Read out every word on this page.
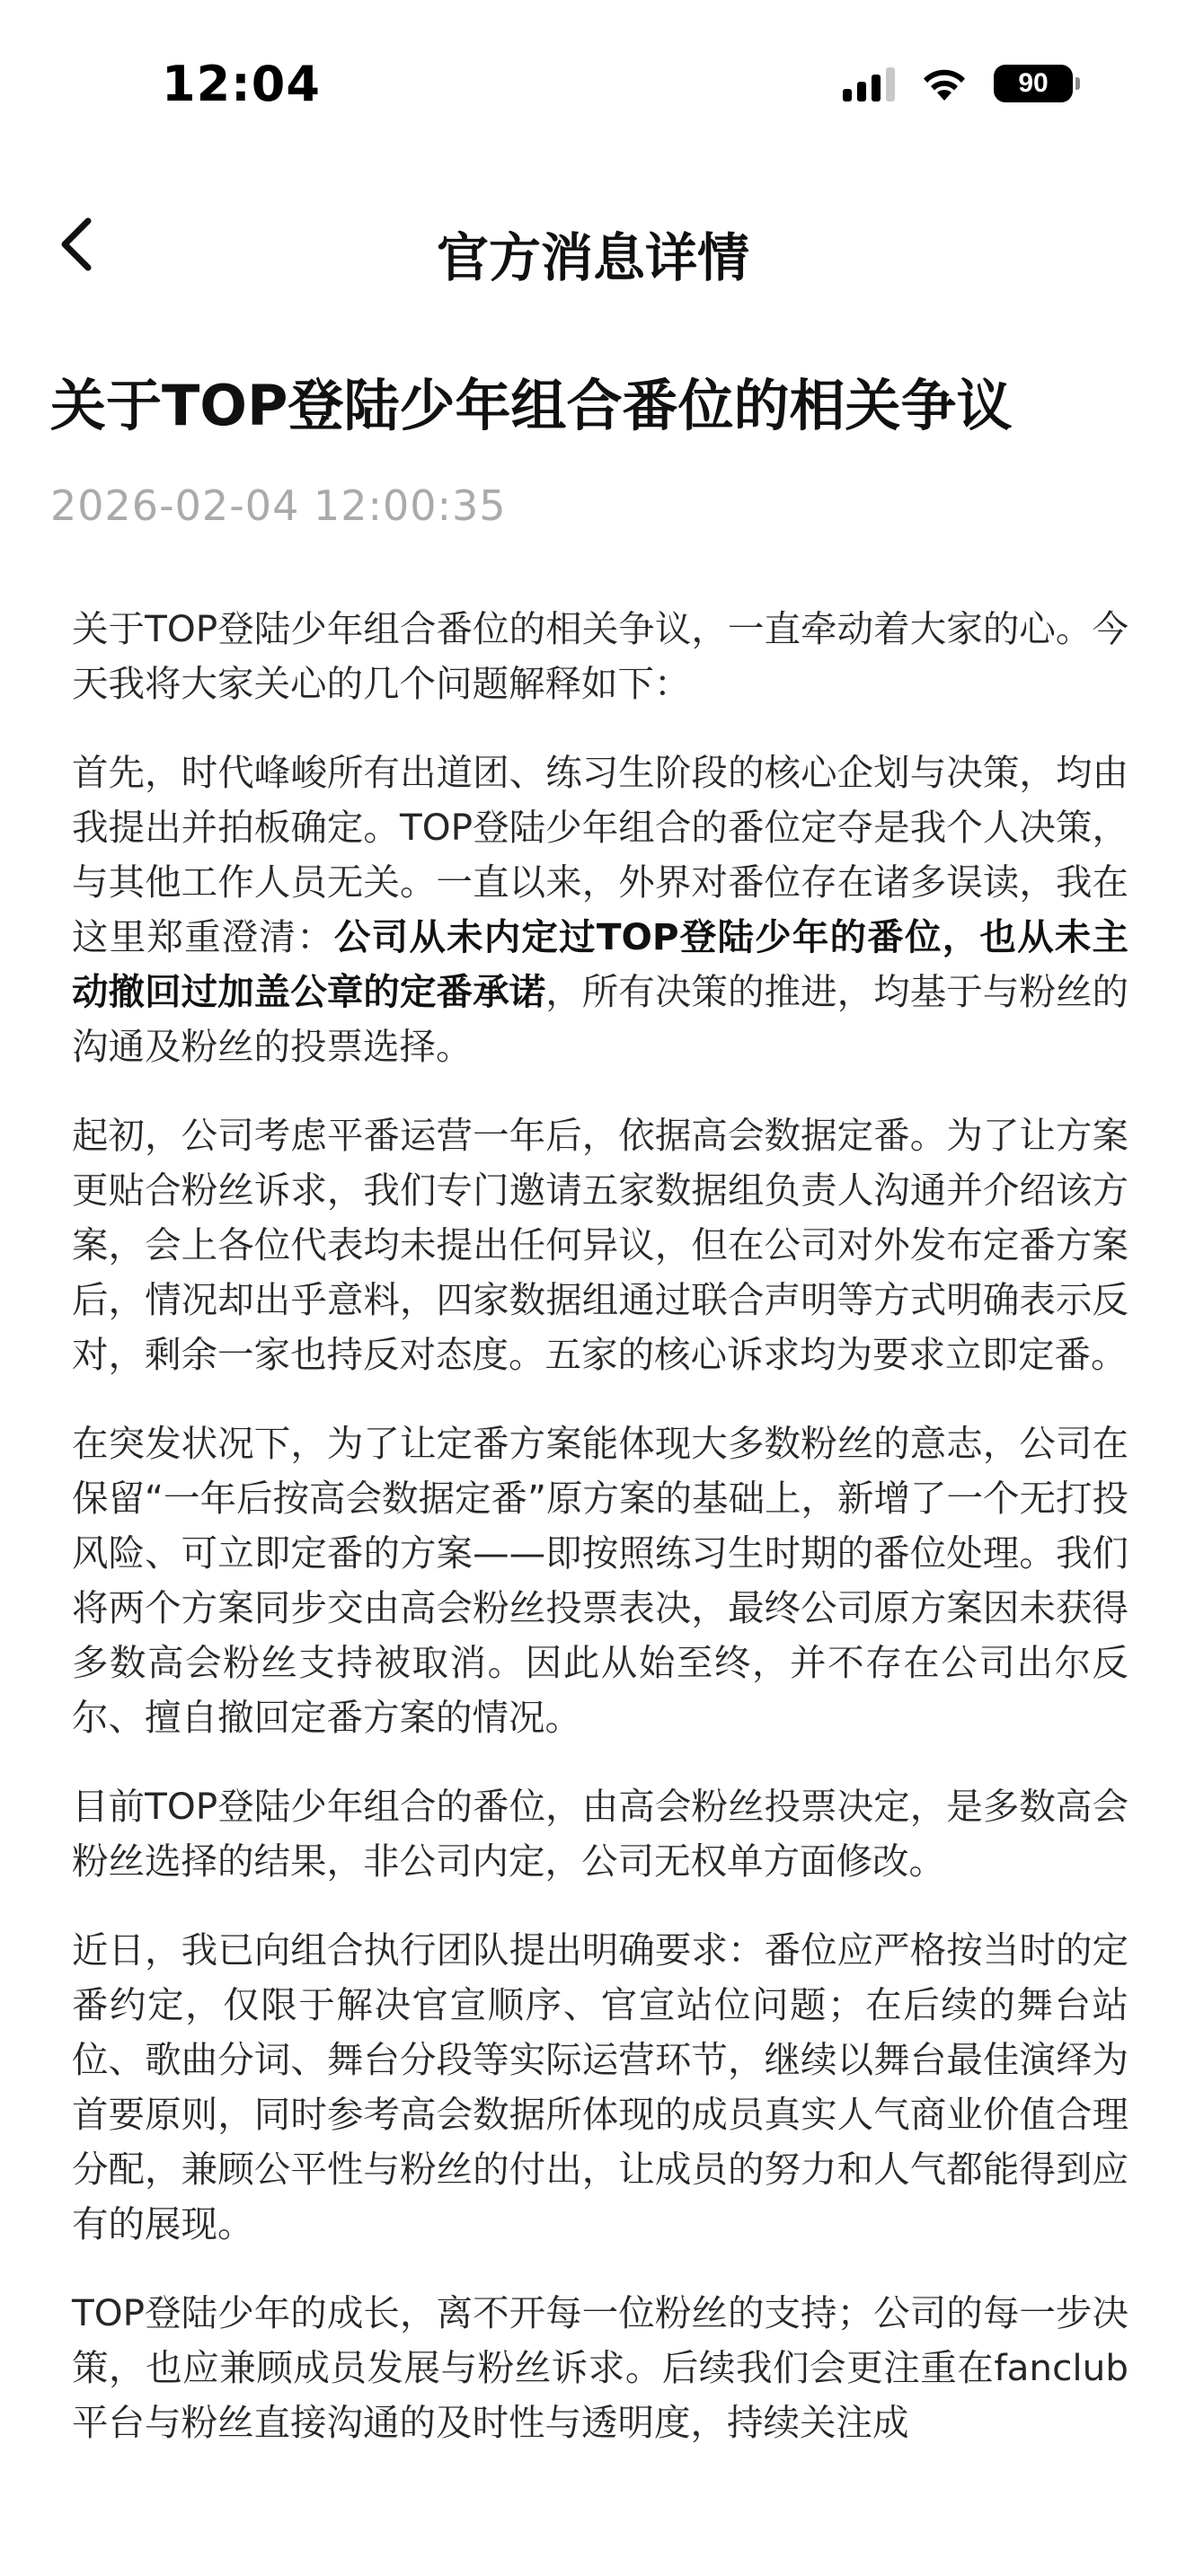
12:04	90
官方消息详情
关于TOP登陆少年组合番位的相关争议
2026-02-04 12:00:35

关于TOP登陆少年组合番位的相关争议，一直牵动着大家的心。今天我将大家关心的几个问题解释如下：

首先，时代峰峻所有出道团、练习生阶段的核心企划与决策，均由我提出并拍板确定。TOP登陆少年组合的番位定夺是我个人决策，与其他工作人员无关。一直以来，外界对番位存在诸多误读，我在这里郑重澄清：公司从未内定过TOP登陆少年的番位，也从未主动撤回过加盖公章的定番承诺，所有决策的推进，均基于与粉丝的沟通及粉丝的投票选择。

起初，公司考虑平番运营一年后，依据高会数据定番。为了让方案更贴合粉丝诉求，我们专门邀请五家数据组负责人沟通并介绍该方案，会上各位代表均未提出任何异议，但在公司对外发布定番方案后，情况却出乎意料，四家数据组通过联合声明等方式明确表示反对，剩余一家也持反对态度。五家的核心诉求均为要求立即定番。

在突发状况下，为了让定番方案能体现大多数粉丝的意志，公司在保留“一年后按高会数据定番”原方案的基础上，新增了一个无打投风险、可立即定番的方案——即按照练习生时期的番位处理。我们将两个方案同步交由高会粉丝投票表决，最终公司原方案因未获得多数高会粉丝支持被取消。因此从始至终，并不存在公司出尔反尔、擅自撤回定番方案的情况。

目前TOP登陆少年组合的番位，由高会粉丝投票决定，是多数高会粉丝选择的结果，非公司内定，公司无权单方面修改。

近日，我已向组合执行团队提出明确要求：番位应严格按当时的定番约定，仅限于解决官宣顺序、官宣站位问题；在后续的舞台站位、歌曲分词、舞台分段等实际运营环节，继续以舞台最佳演绎为首要原则，同时参考高会数据所体现的成员真实人气商业价值合理分配，兼顾公平性与粉丝的付出，让成员的努力和人气都能得到应有的展现。

TOP登陆少年的成长，离不开每一位粉丝的支持；公司的每一步决策，也应兼顾成员发展与粉丝诉求。后续我们会更注重在fanclub平台与粉丝直接沟通的及时性与透明度，持续关注成
